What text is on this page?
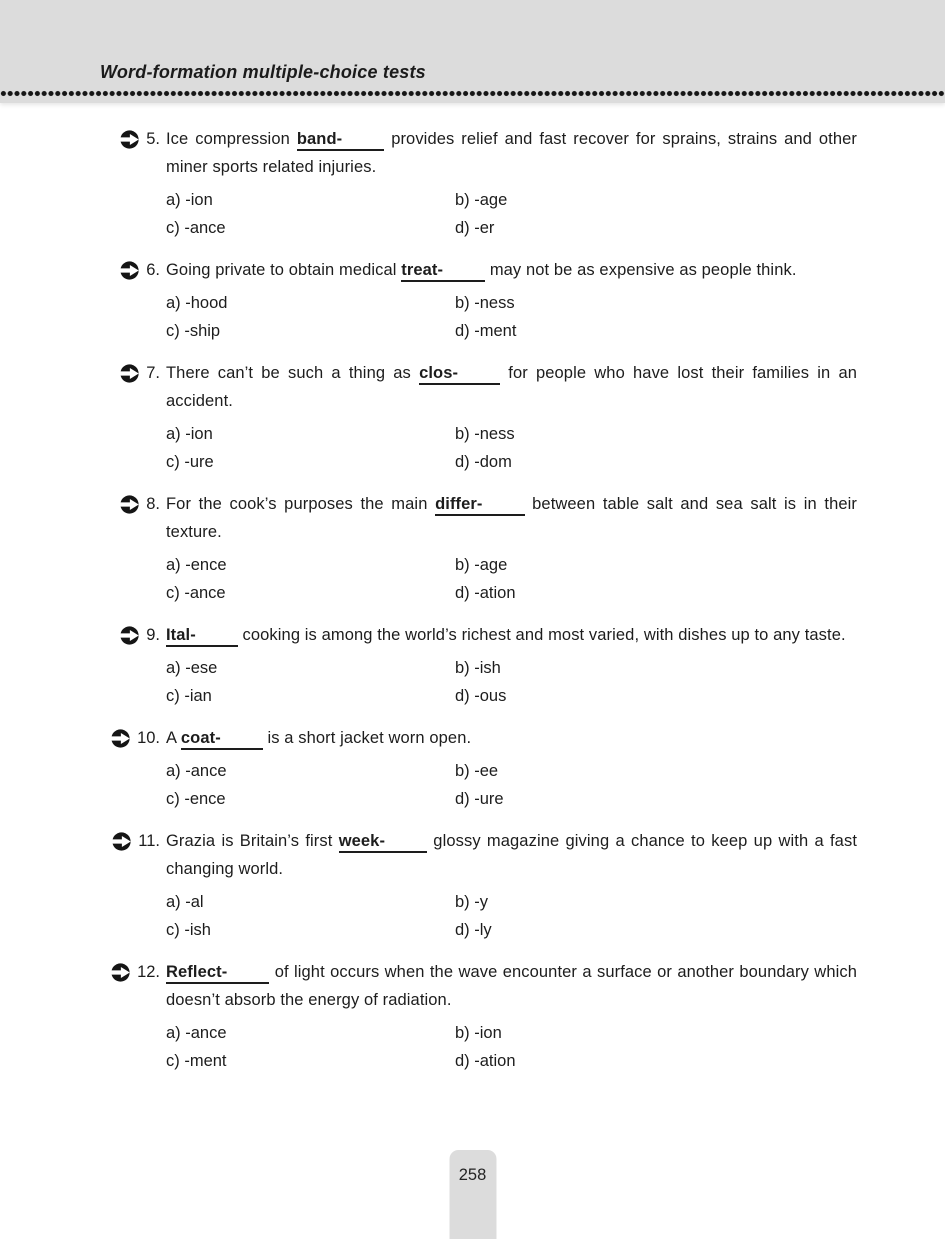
Word-formation multiple-choice tests
5. Ice compression band-	provides relief and fast recover for sprains, strains and other miner sports related injuries.

a) -ion	b) -age
c) -ance	d) -er
6. Going private to obtain medical treat-	may not be as expensive as people think.

a) -hood	b) -ness
c) -ship	d) -ment
7. There can’t be such a thing as clos-	for people who have lost their families in an accident.

a) -ion	b) -ness
c) -ure	d) -dom
8. For the cook’s purposes the main differ-	between table salt and sea salt is in their texture.

a) -ence	b) -age
c) -ance	d) -ation
9. Ital-	cooking is among the world’s richest and most varied, with dishes up to any taste.

a) -ese	b) -ish
c) -ian	d) -ous
10. A coat-	is a short jacket worn open.

a) -ance	b) -ee
c) -ence	d) -ure
11. Grazia is Britain’s first week-	glossy magazine giving a chance to keep up with a fast changing world.

a) -al	b) -y
c) -ish	d) -ly
12. Reflect-	of light occurs when the wave encounter a surface or another boundary which doesn’t absorb the energy of radiation.

a) -ance	b) -ion
c) -ment	d) -ation
258
